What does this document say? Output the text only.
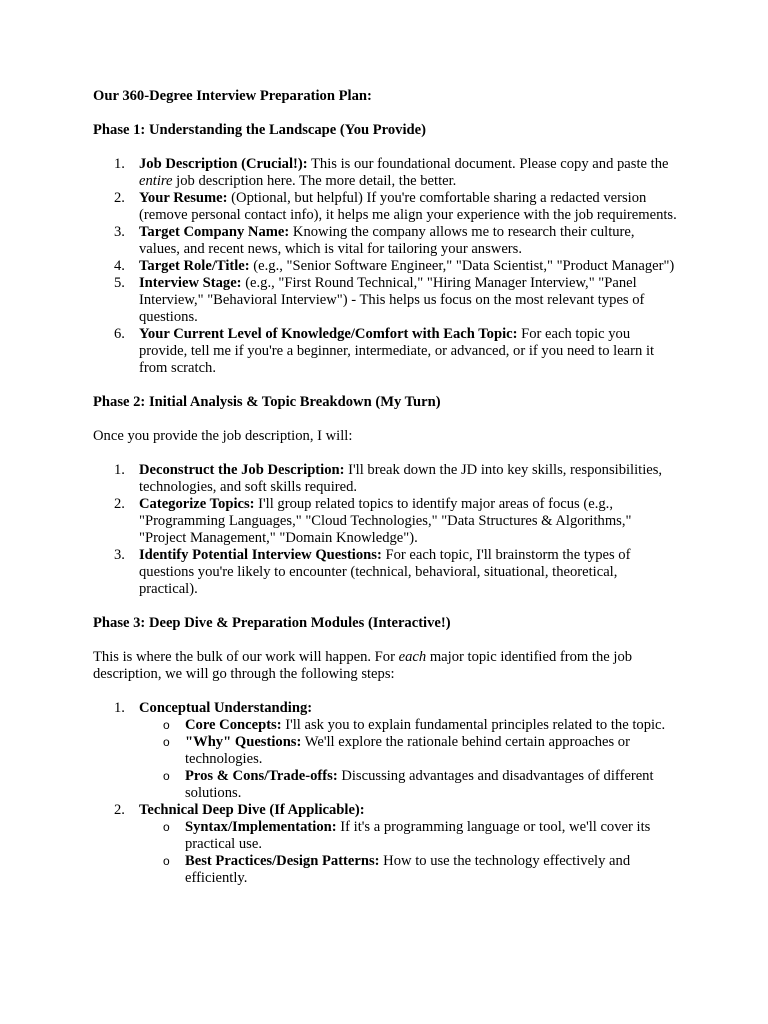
Our 360-Degree Interview Preparation Plan:

Phase 1: Understanding the Landscape (You Provide)

1. Job Description (Crucial!): This is our foundational document. Please copy and paste the entire job description here. The more detail, the better.
2. Your Resume: (Optional, but helpful) If you're comfortable sharing a redacted version (remove personal contact info), it helps me align your experience with the job requirements.
3. Target Company Name: Knowing the company allows me to research their culture, values, and recent news, which is vital for tailoring your answers.
4. Target Role/Title: (e.g., "Senior Software Engineer," "Data Scientist," "Product Manager")
5. Interview Stage: (e.g., "First Round Technical," "Hiring Manager Interview," "Panel Interview," "Behavioral Interview") - This helps us focus on the most relevant types of questions.
6. Your Current Level of Knowledge/Comfort with Each Topic: For each topic you provide, tell me if you're a beginner, intermediate, or advanced, or if you need to learn it from scratch.

Phase 2: Initial Analysis & Topic Breakdown (My Turn)

Once you provide the job description, I will:

1. Deconstruct the Job Description: I'll break down the JD into key skills, responsibilities, technologies, and soft skills required.
2. Categorize Topics: I'll group related topics to identify major areas of focus (e.g., "Programming Languages," "Cloud Technologies," "Data Structures & Algorithms," "Project Management," "Domain Knowledge").
3. Identify Potential Interview Questions: For each topic, I'll brainstorm the types of questions you're likely to encounter (technical, behavioral, situational, theoretical, practical).

Phase 3: Deep Dive & Preparation Modules (Interactive!)

This is where the bulk of our work will happen. For each major topic identified from the job description, we will go through the following steps:

1. Conceptual Understanding:
o Core Concepts: I'll ask you to explain fundamental principles related to the topic.
o "Why" Questions: We'll explore the rationale behind certain approaches or technologies.
o Pros & Cons/Trade-offs: Discussing advantages and disadvantages of different solutions.
2. Technical Deep Dive (If Applicable):
o Syntax/Implementation: If it's a programming language or tool, we'll cover its practical use.
o Best Practices/Design Patterns: How to use the technology effectively and efficiently.
